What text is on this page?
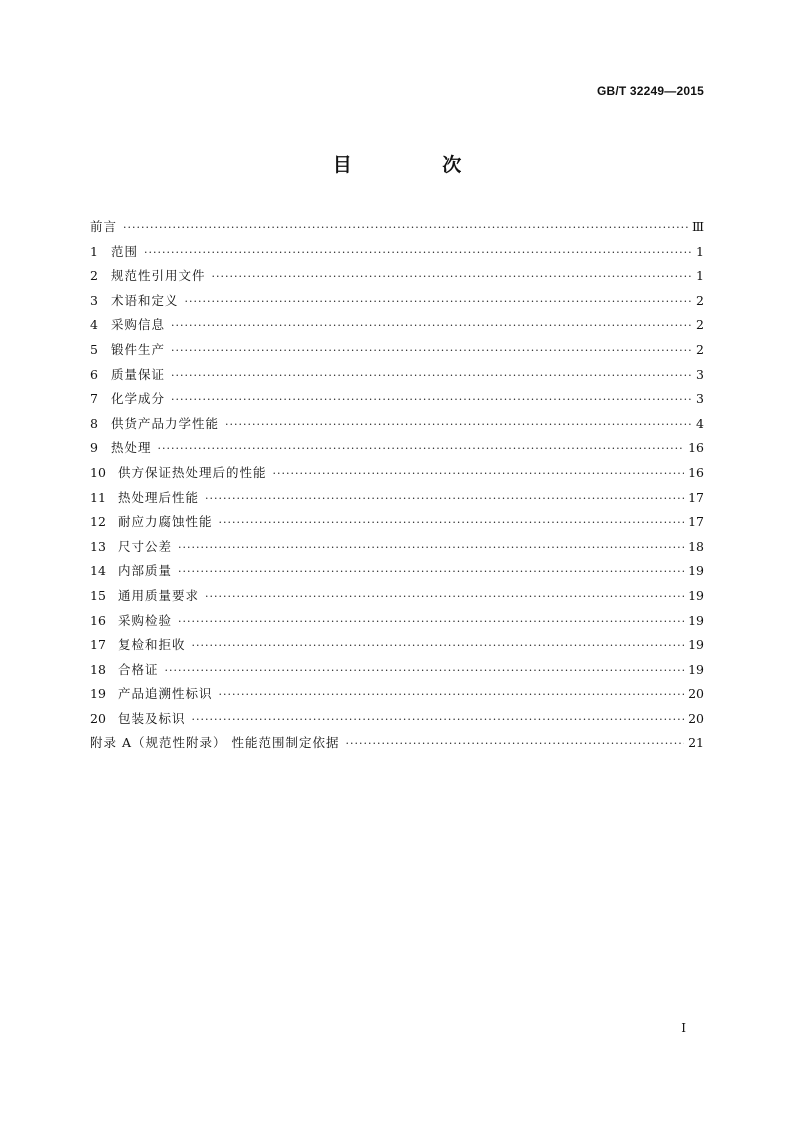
GB/T 32249—2015
目 次
前言 ·····	Ⅲ
1	范围 ·····	1
2	规范性引用文件 ·····	1
3	术语和定义 ·····	2
4	采购信息 ·····	2
5	锻件生产 ·····	2
6	质量保证 ·····	3
7	化学成分 ·····	3
8	供货产品力学性能 ·····	4
9	热处理 ·····	16
10 供方保证热处理后的性能 ·····	16
11 热处理后性能 ·····	17
12 耐应力腐蚀性能 ·····	17
13 尺寸公差 ·····	18
14 内部质量 ·····	19
15 通用质量要求 ·····	19
16 采购检验 ·····	19
17 复检和拒收 ·····	19
18 合格证 ·····	19
19 产品追溯性标识 ·····	20
20 包装及标识 ·····	20
附录 A（规范性附录） 性能范围制定依据 ·····	21
I
